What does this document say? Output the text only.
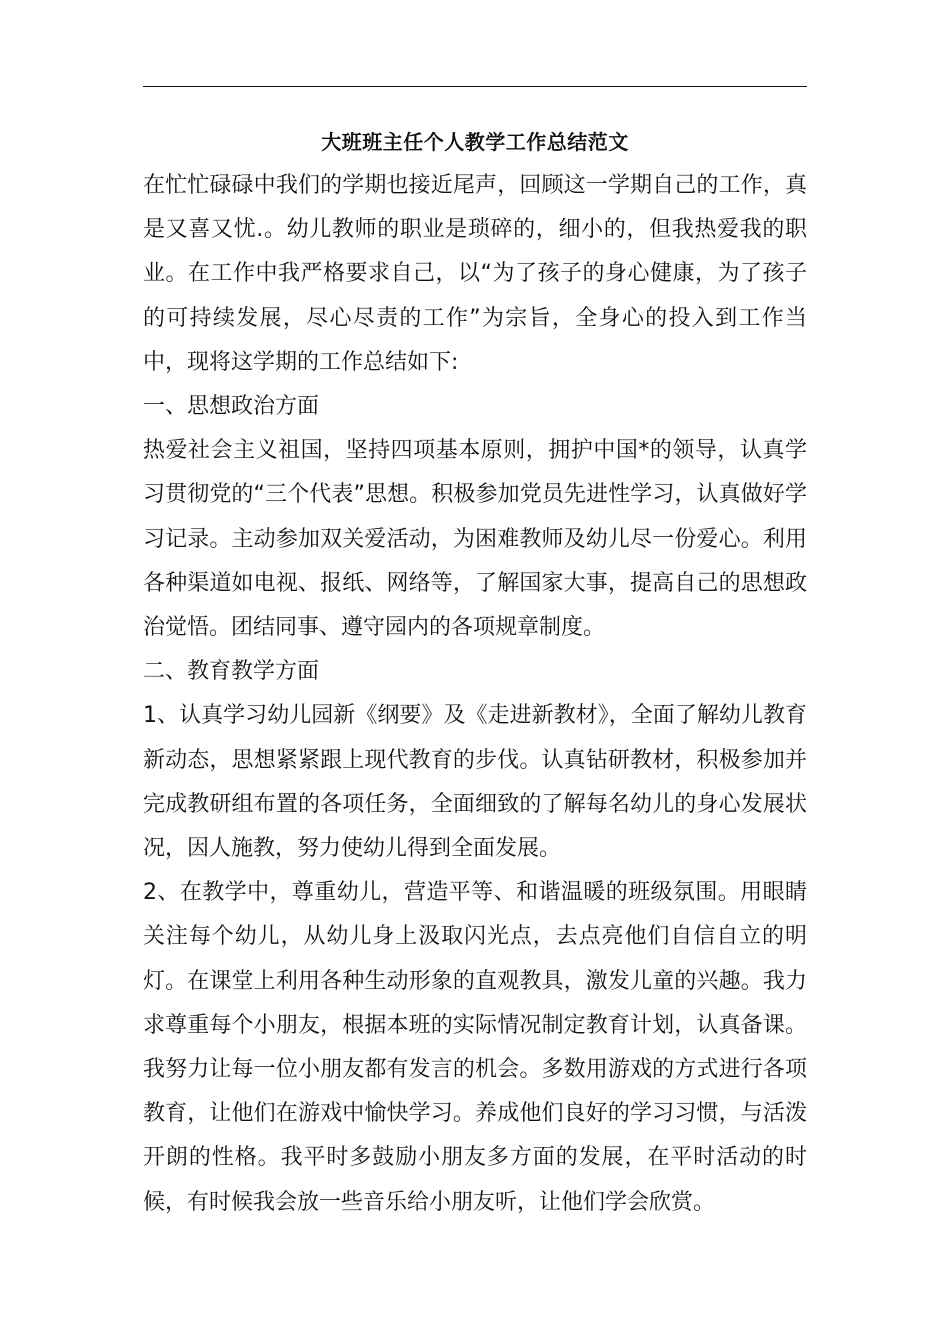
大班班主任个人教学工作总结范文

在忙忙碌碌中我们的学期也接近尾声，回顾这一学期自己的工作，真是又喜又忧.。幼儿教师的职业是琐碎的，细小的，但我热爱我的职业。在工作中我严格要求自己，以“为了孩子的身心健康，为了孩子的可持续发展，尽心尽责的工作”为宗旨，全身心的投入到工作当中，现将这学期的工作总结如下:

一、思想政治方面

热爱社会主义祖国，坚持四项基本原则，拥护中国*的领导，认真学习贯彻党的“三个代表”思想。积极参加党员先进性学习，认真做好学习记录。主动参加双关爱活动，为困难教师及幼儿尽一份爱心。利用各种渠道如电视、报纸、网络等，了解国家大事，提高自己的思想政治觉悟。团结同事、遵守园内的各项规章制度。

二、教育教学方面

1、认真学习幼儿园新《纲要》及《走进新教材》，全面了解幼儿教育新动态，思想紧紧跟上现代教育的步伐。认真钻研教材，积极参加并完成教研组布置的各项任务，全面细致的了解每名幼儿的身心发展状况，因人施教，努力使幼儿得到全面发展。

2、在教学中，尊重幼儿，营造平等、和谐温暖的班级氛围。用眼睛关注每个幼儿，从幼儿身上汲取闪光点，去点亮他们自信自立的明灯。在课堂上利用各种生动形象的直观教具，激发儿童的兴趣。我力求尊重每个小朋友，根据本班的实际情况制定教育计划，认真备课。我努力让每一位小朋友都有发言的机会。多数用游戏的方式进行各项教育，让他们在游戏中愉快学习。养成他们良好的学习习惯，与活泼开朗的性格。我平时多鼓励小朋友多方面的发展，在平时活动的时候，有时候我会放一些音乐给小朋友听，让他们学会欣赏。
